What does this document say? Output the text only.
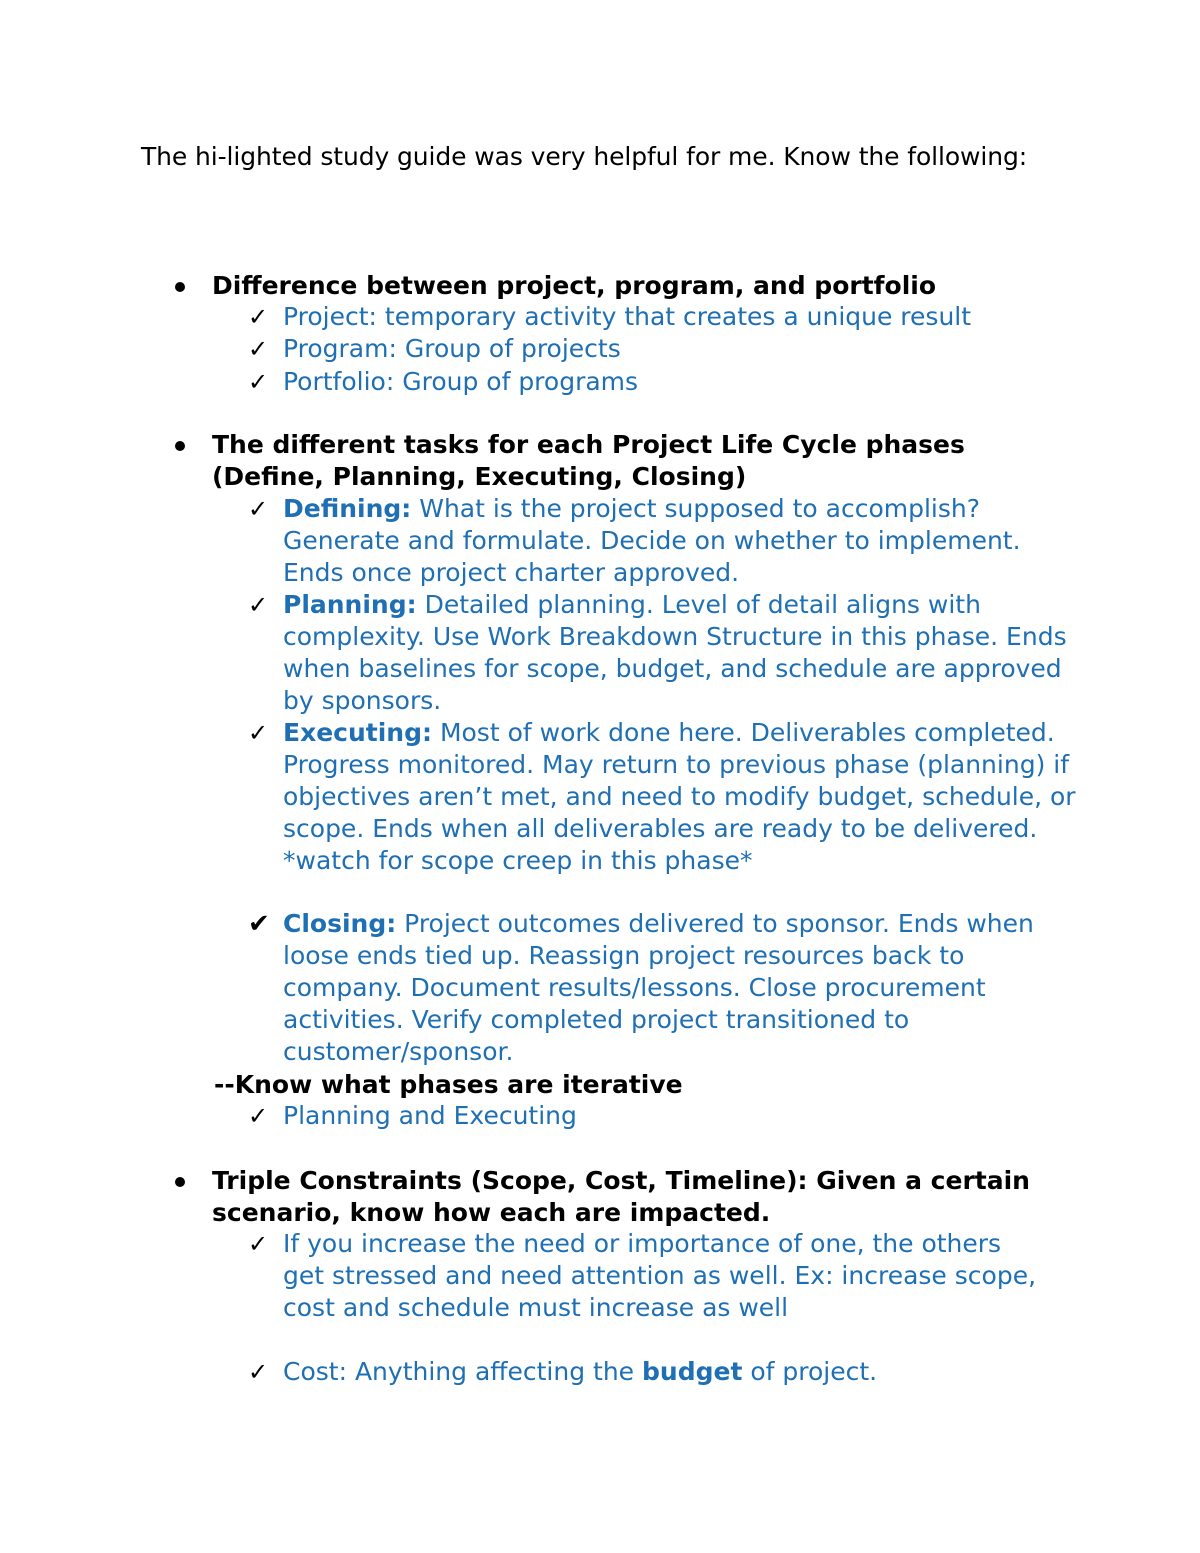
The hi-lighted study guide was very helpful for me. Know the following:
Difference between project, program, and portfolio
✓ Project: temporary activity that creates a unique result
✓ Program: Group of projects
✓ Portfolio: Group of programs
The different tasks for each Project Life Cycle phases (Define, Planning, Executing, Closing)
✓ Defining: What is the project supposed to accomplish? Generate and formulate. Decide on whether to implement. Ends once project charter approved.
✓ Planning: Detailed planning. Level of detail aligns with complexity. Use Work Breakdown Structure in this phase. Ends when baselines for scope, budget, and schedule are approved by sponsors.
✓ Executing: Most of work done here. Deliverables completed. Progress monitored. May return to previous phase (planning) if objectives aren’t met, and need to modify budget, schedule, or scope. Ends when all deliverables are ready to be delivered. *watch for scope creep in this phase*
✔ Closing: Project outcomes delivered to sponsor. Ends when loose ends tied up. Reassign project resources back to company. Document results/lessons. Close procurement activities. Verify completed project transitioned to customer/sponsor.
--Know what phases are iterative
✓ Planning and Executing
Triple Constraints (Scope, Cost, Timeline): Given a certain scenario, know how each are impacted.
✓ If you increase the need or importance of one, the others get stressed and need attention as well. Ex: increase scope, cost and schedule must increase as well
✓ Cost: Anything affecting the budget of project.
